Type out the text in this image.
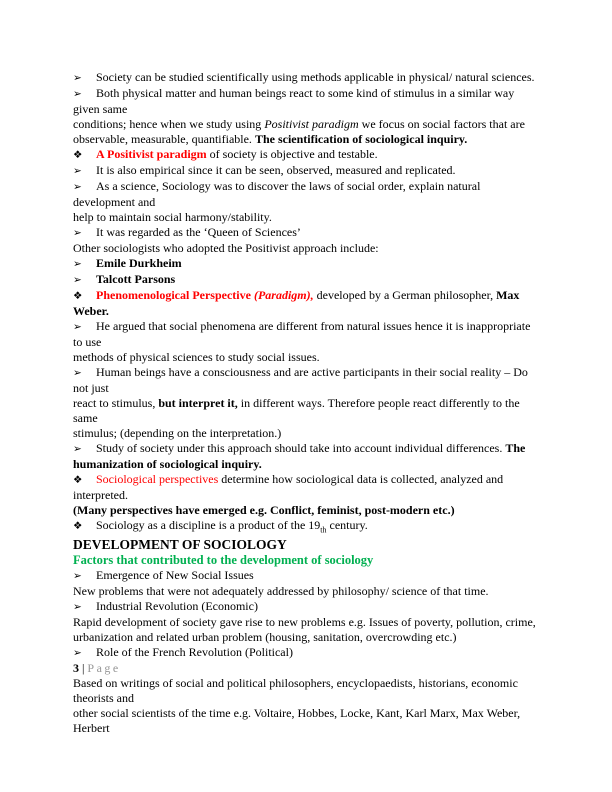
➢ Society can be studied scientifically using methods applicable in physical/ natural sciences.

➢ Both physical matter and human beings react to some kind of stimulus in a similar way

given same

conditions; hence when we study using Positivist paradigm we focus on social factors that are

observable, measurable, quantifiable. The scientification of sociological inquiry.

❖ A Positivist paradigm of society is objective and testable.

➢ It is also empirical since it can be seen, observed, measured and replicated.

➢ As a science, Sociology was to discover the laws of social order, explain natural

development and

help to maintain social harmony/stability.

➢ It was regarded as the ‘Queen of Sciences’

Other sociologists who adopted the Positivist approach include:

➢ Emile Durkheim

➢ Talcott Parsons

❖ Phenomenological Perspective (Paradigm), developed by a German philosopher, Max

Weber.

➢ He argued that social phenomena are different from natural issues hence it is inappropriate

to use

methods of physical sciences to study social issues.

➢ Human beings have a consciousness and are active participants in their social reality – Do

not just

react to stimulus, but interpret it, in different ways. Therefore people react differently to the

same

stimulus; (depending on the interpretation.)

➢ Study of society under this approach should take into account individual differences. The

humanization of sociological inquiry.

❖ Sociological perspectives determine how sociological data is collected, analyzed and

interpreted.

(Many perspectives have emerged e.g. Conflict, feminist, post-modern etc.)

❖ Sociology as a discipline is a product of the $19_{th}$ century.

DEVELOPMENT OF SOCIOLOGY

Factors that contributed to the development of sociology

➢ Emergence of New Social Issues

New problems that were not adequately addressed by philosophy/ science of that time.

➢ Industrial Revolution (Economic)

Rapid development of society gave rise to new problems e.g. Issues of poverty, pollution, crime,

urbanization and related urban problem (housing, sanitation, overcrowding etc.)

➢ Role of the French Revolution (Political)

3 | Page

Based on writings of social and political philosophers, encyclopaedists, historians, economic

theorists and

other social scientists of the time e.g. Voltaire, Hobbes, Locke, Kant, Karl Marx, Max Weber,

Herbert
